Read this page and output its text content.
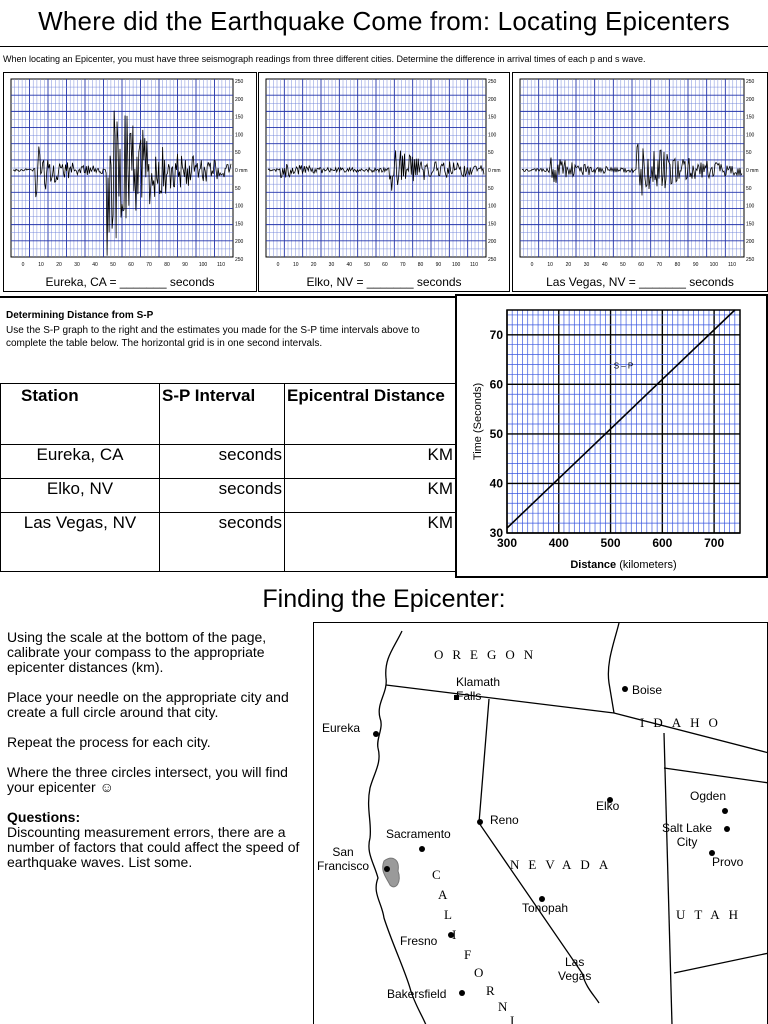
Where did the Earthquake Come from: Locating Epicenters
When locating an Epicenter, you must have three seismograph readings from three different cities. Determine the difference in arrival times of each p and s wave.
250
200
150
100
50
0 mm
50
100
150
200
250
0	10 20 30 40 50 60 70 80 90 100 110
Eureka, CA = _______ seconds
250
200
150
100
50
0 mm
50
100
150
200
250
0	10 20 30 40 50 60 70 80 90 100 110
Elko, NV = _______ seconds
250
200
150
100
50
0 mm
50
100
150
200
250
0	10	20	30	40	50	60	70	80	90 100 110
Las Vegas, NV = _______ seconds
Determining Distance from S-P
Use the S-P graph to the right and the estimates you made for the S-P time intervals above to complete the table below. The horizontal grid is in one second intervals.
Station	S-P Interval	Epicentral Distance
Eureka, CA	seconds	KM
Elko, NV	seconds	KM
Las Vegas, NV	seconds	KM
S – P
300	400	500	600	700
30
40
50
60
70
Distance (kilometers)
Time (Seconds)
Finding the Epicenter:

Using the scale at the bottom of the page, calibrate your compass to the appropriate epicenter distances (km).

Place your needle on the appropriate city and create a full circle around that city.

Repeat the process for each city.

Where the three circles intersect, you will find your epicenter ☺

Questions:
Discounting measurement errors, there are a number of factors that could affect the speed of earthquake waves. List some.
OREGON
IDAHO
NEVADA
UTAH
C
A
L
I
F
O
R
N
I
Klamath
Falls	Boise
Eureka
Elko
Ogden
Reno
Sacramento	Salt Lake
City
San
Francisco	Provo
Tonopah
Fresno
Las
Vegas
Bakersfield
